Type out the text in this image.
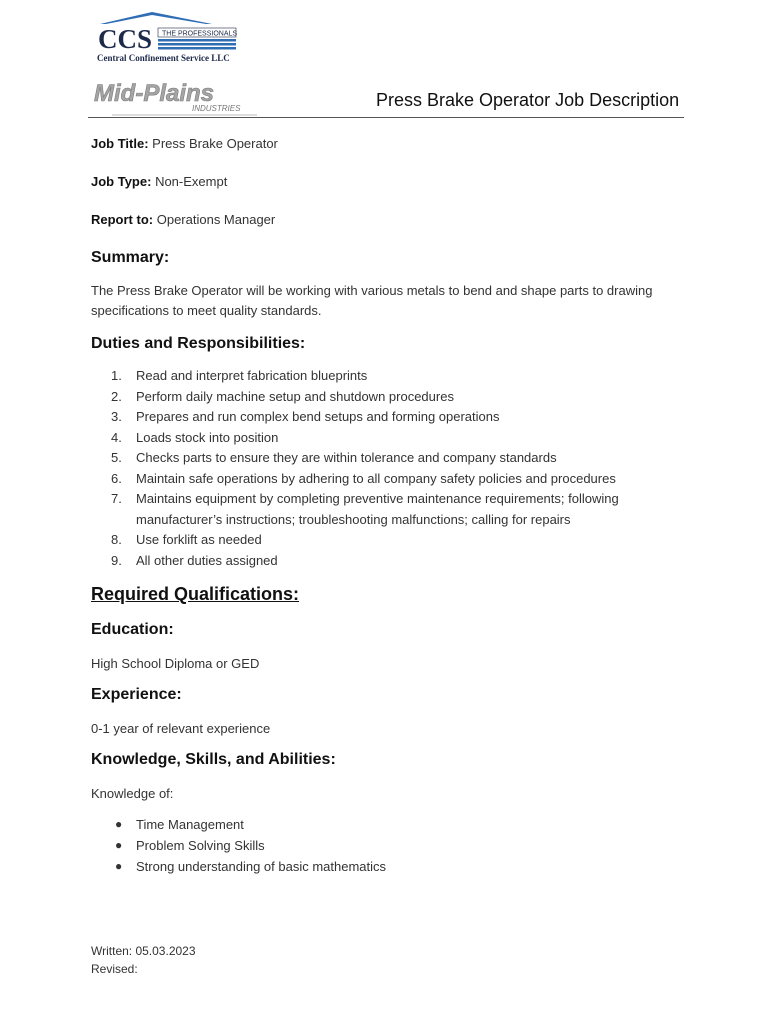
CCS THE PROFESSIONALS
Central Confinement Service LLC
Mid-Plains
INDUSTRIES	Press Brake Operator Job Description
Job Title: Press Brake Operator
Job Type: Non-Exempt
Report to: Operations Manager
Summary:

The Press Brake Operator will be working with various metals to bend and shape parts to drawing specifications to meet quality standards.

Duties and Responsibilities:
1. Read and interpret fabrication blueprints
2. Perform daily machine setup and shutdown procedures
3. Prepares and run complex bend setups and forming operations
4. Loads stock into position
5. Checks parts to ensure they are within tolerance and company standards
6. Maintain safe operations by adhering to all company safety policies and procedures
7. Maintains equipment by completing preventive maintenance requirements; following manufacturer’s instructions; troubleshooting malfunctions; calling for repairs
8. Use forklift as needed
9. All other duties assigned
Required Qualifications:
Education:

High School Diploma or GED

Experience:

0-1 year of relevant experience

Knowledge, Skills, and Abilities:

Knowledge of:

● Time Management
● Problem Solving Skills
● Strong understanding of basic mathematics
Written: 05.03.2023
Revised:
